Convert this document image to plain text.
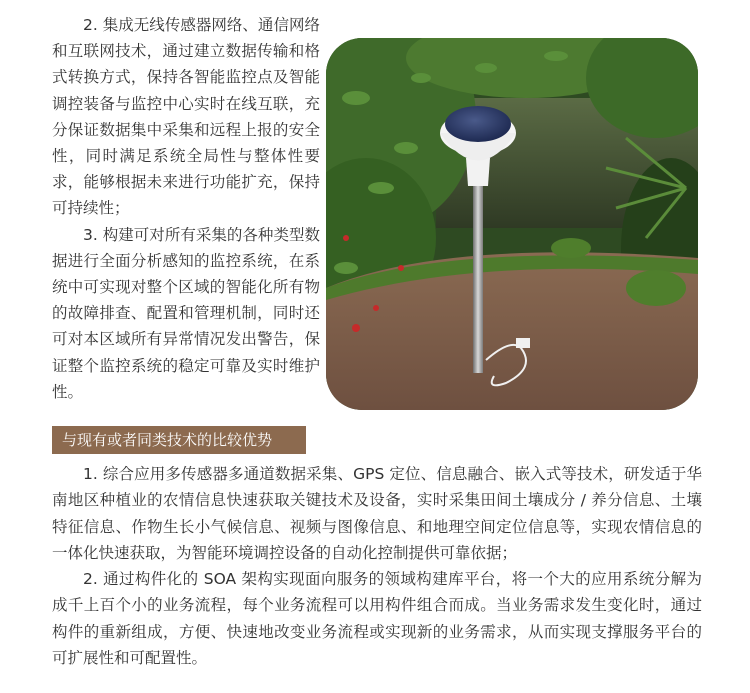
2. 集成无线传感器网络、通信网络和互联网技术，通过建立数据传输和格式转换方式，保持各智能监控点及智能调控装备与监控中心实时在线互联，充分保证数据集中采集和远程上报的安全性，同时满足系统全局性与整体性要求，能够根据未来进行功能扩充，保持可持续性；

3. 构建可对所有采集的各种类型数据进行全面分析感知的监控系统，在系统中可实现对整个区域的智能化所有物的故障排查、配置和管理机制，同时还可对本区域所有异常情况发出警告，保证整个监控系统的稳定可靠及实时维护性。

与现有或者同类技术的比较优势

1. 综合应用多传感器多通道数据采集、GPS 定位、信息融合、嵌入式等技术，研发适于华南地区种植业的农情信息快速获取关键技术及设备，实时采集田间土壤成分 / 养分信息、土壤特征信息、作物生长小气候信息、视频与图像信息、和地理空间定位信息等，实现农情信息的一体化快速获取，为智能环境调控设备的自动化控制提供可靠依据；

2. 通过构件化的 SOA 架构实现面向服务的领域构建库平台，将一个大的应用系统分解为成千上百个小的业务流程，每个业务流程可以用构件组合而成。当业务需求发生变化时，通过构件的重新组成，方便、快速地改变业务流程或实现新的业务需求，从而实现支撑服务平台的可扩展性和可配置性。
